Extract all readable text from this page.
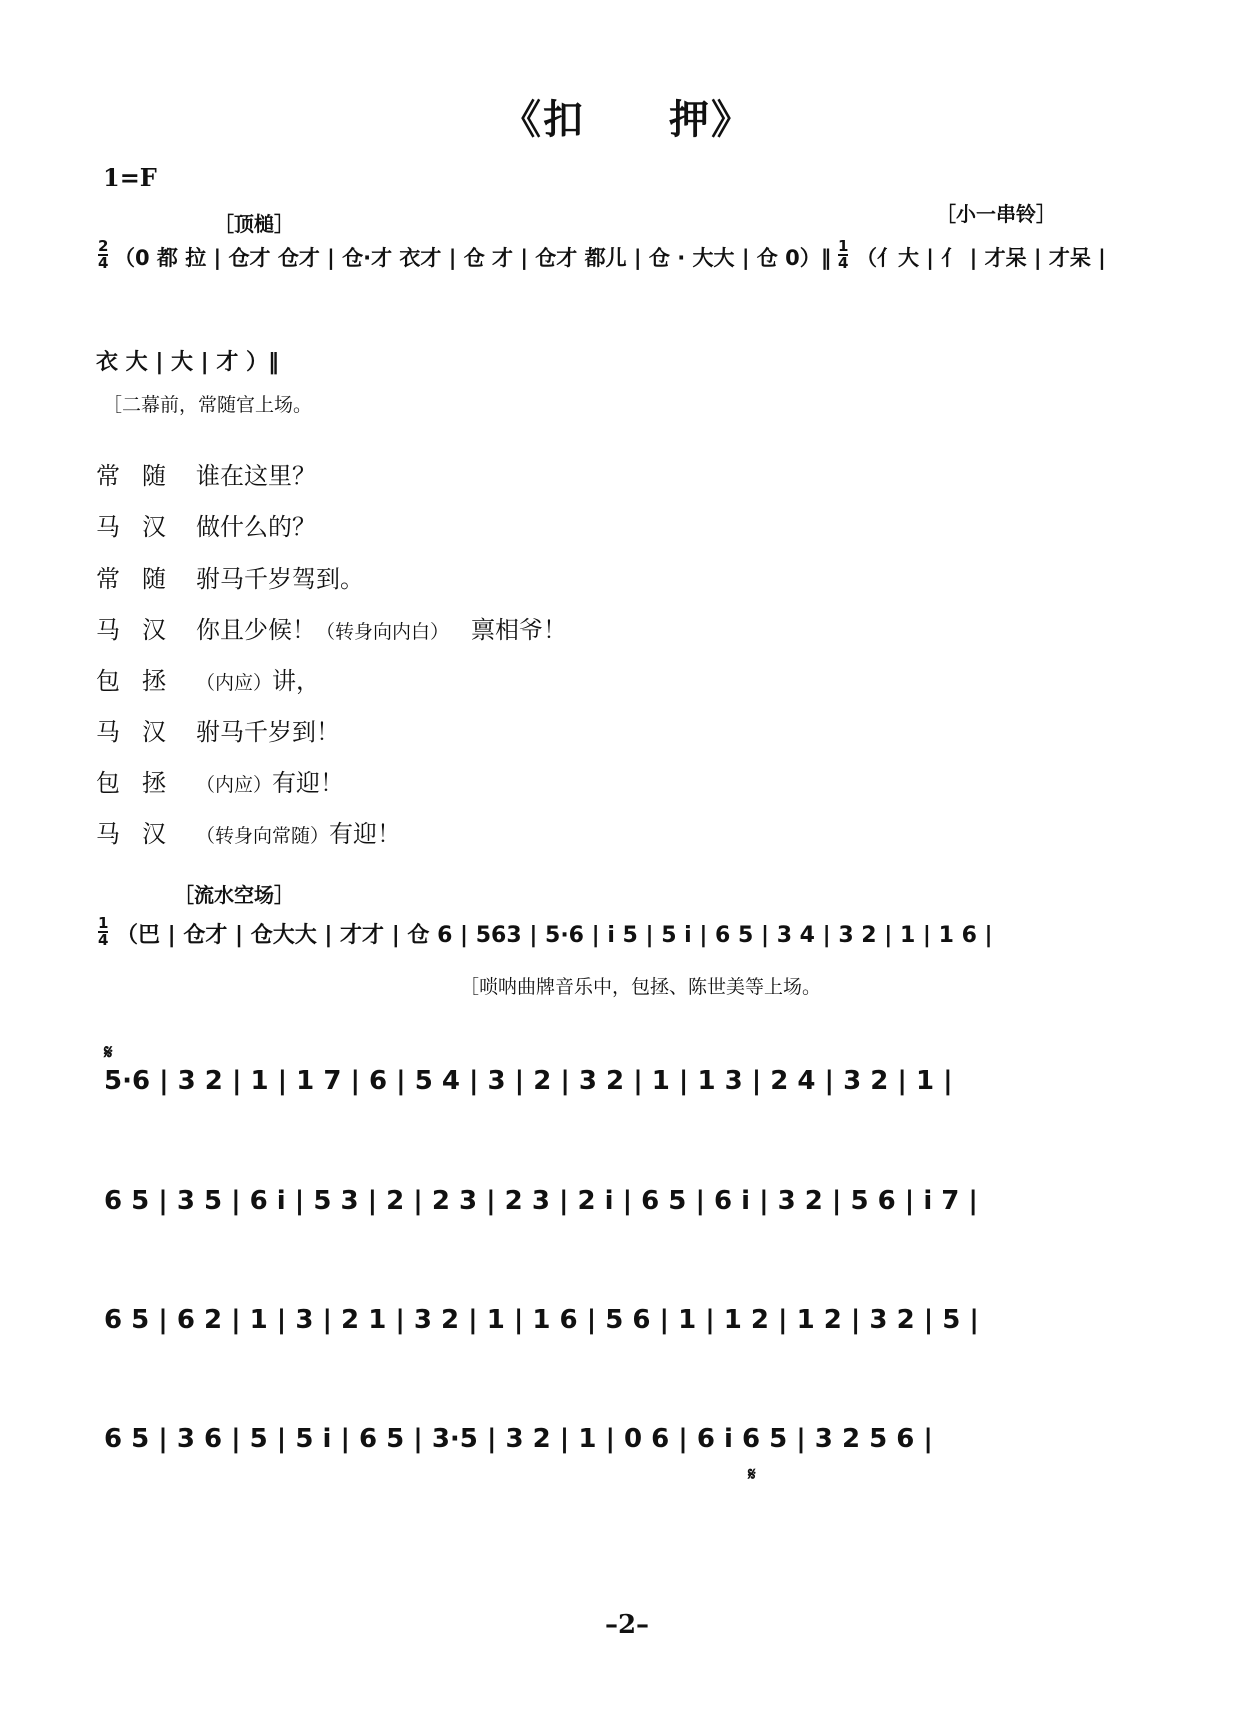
《扣　　押》
1=F
［顶槌］	［小一串铃］
$\frac{2}{4} (0$ 都 拉 | 仓才 仓才 | 仓·才 衣才 | 仓 才 | 仓才 都儿 | 仓 · 大大 | 仓 0）‖ $\frac{1}{4}$ （亻大 | 亻 | 才呆 | 才呆 |
衣 大 | 大 | 才 ）‖
［二幕前，常随官上场。
常随 谁在这里？
马汉 做什么的？
常随 驸马千岁驾到。
马汉 你且少候！（转身向内白） 禀相爷！
包拯 （内应）讲，
马汉 驸马千岁到！
包拯 （内应）有迎！
马汉 （转身向常随）有迎！
［流水空场］
$\frac{1}{4}$ （巴 | 仓才 | 仓大大 | 才才 | 仓 6 | 563 | 5·6 | i 5 | 5 i | 6 5 | 3 4 | 3 2 | 1 | 1 6 |
［唢呐曲牌音乐中，包拯、陈世美等上场。
𝄋
5·6 | 3 2 | 1 | 1 7 | 6 | 5 4 | 3 | 2 | 3 2 | 1 | 1 3 | 2 4 | 3 2 | 1 |
6 5 | 3 5 | 6 i | 5 3 | 2 | 2 3 | 2 3 | 2 i | 6 5 | 6 i | 3 2 | 5 6 | i 7 |
6 5 | 6 2 | 1 | 3 | 2 1 | 3 2 | 1 | 1 6 | 5 6 | 1 | 1 2 | 1 2 | 3 2 | 5 |
6 5 | 3 6 | 5 | 5 i | 6 5 | 3·5 | 3 2 | 1 | 0 6 | 6 i 6 5 | 3 2 5 6 |
𝄋
–2–
